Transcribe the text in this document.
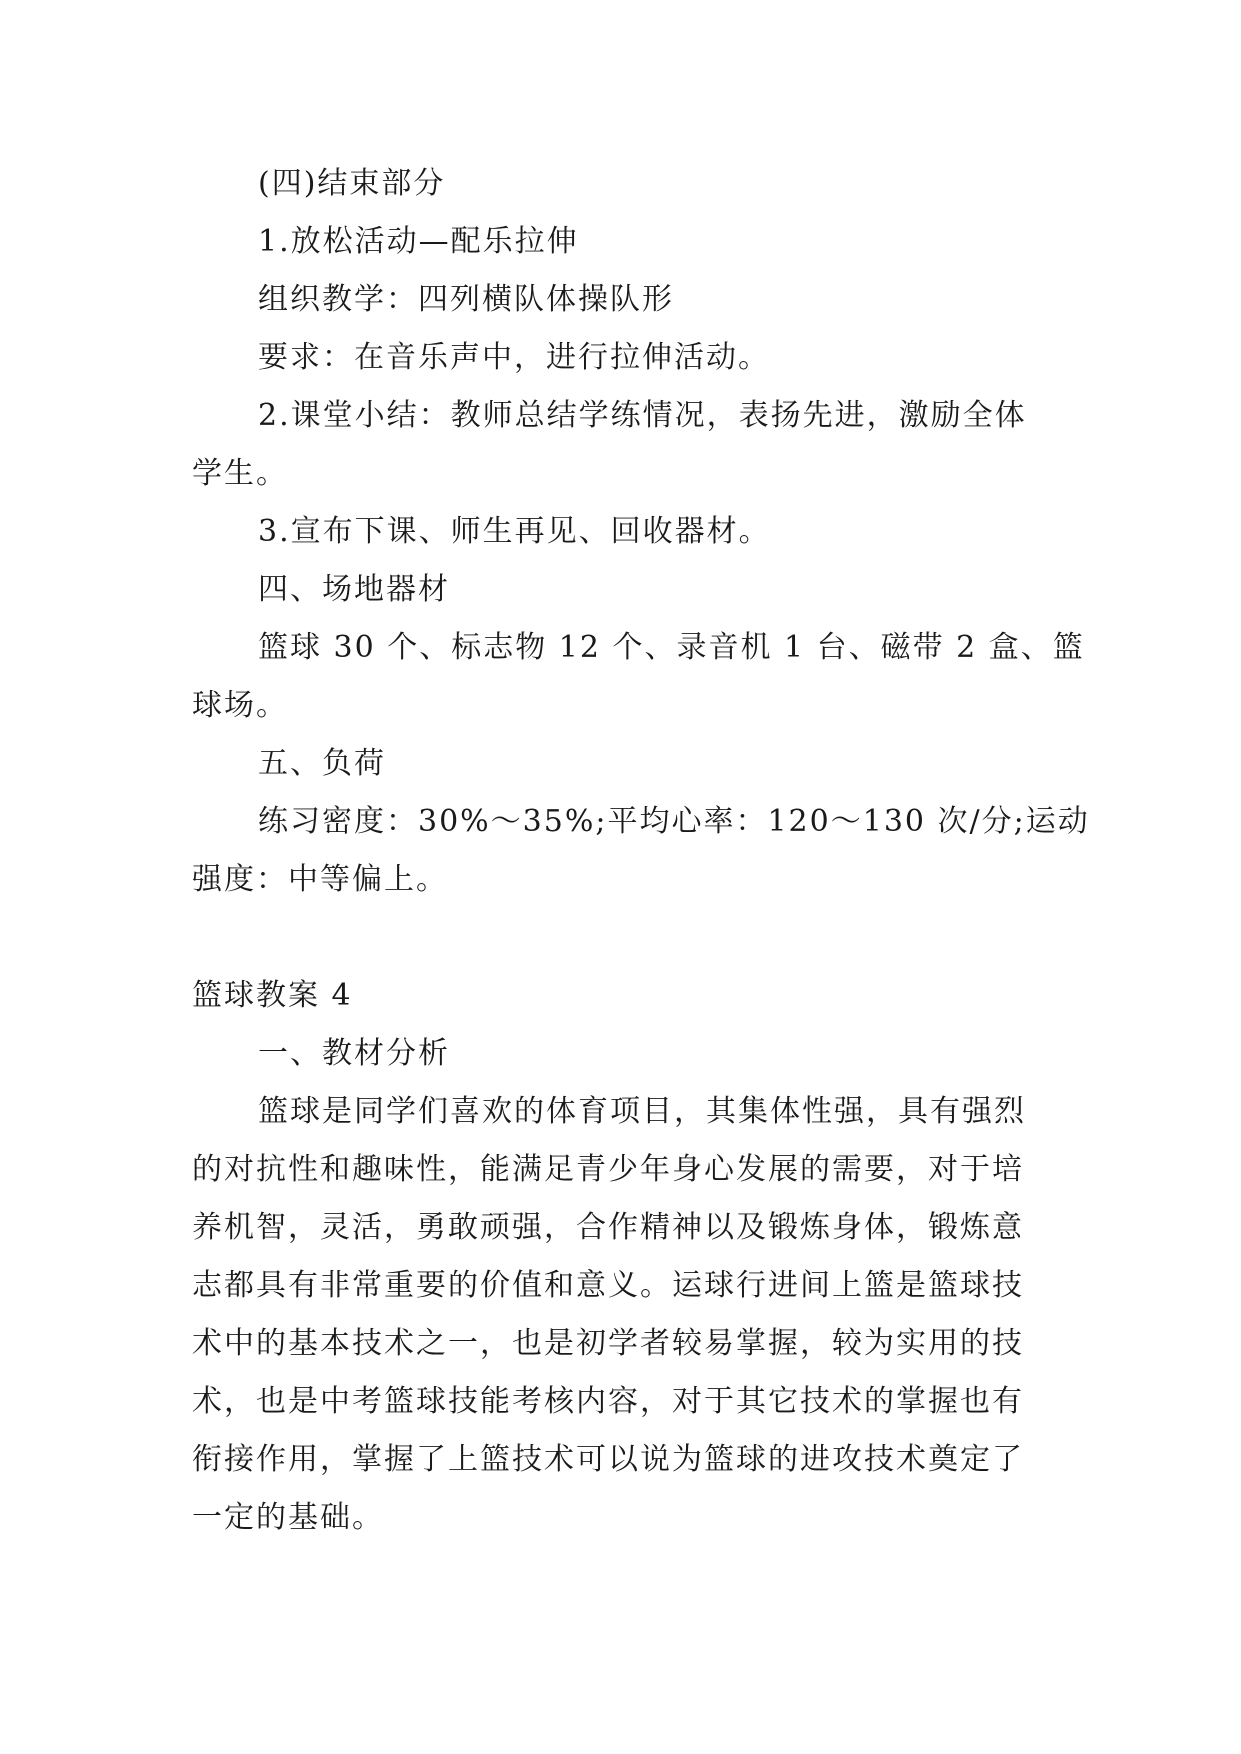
(四)结束部分
1.放松活动—配乐拉伸
组织教学：四列横队体操队形
要求：在音乐声中，进行拉伸活动。
2.课堂小结：教师总结学练情况，表扬先进，激励全体
学生。
3.宣布下课、师生再见、回收器材。
四、场地器材
篮球 30 个、标志物 12 个、录音机 1 台、磁带 2 盒、篮
球场。
五、负荷
练习密度：30%～35%;平均心率：120～130 次/分;运动
强度：中等偏上。
篮球教案 4
一、教材分析
篮球是同学们喜欢的体育项目，其集体性强，具有强烈
的对抗性和趣味性，能满足青少年身心发展的需要，对于培
养机智，灵活，勇敢顽强，合作精神以及锻炼身体，锻炼意
志都具有非常重要的价值和意义。运球行进间上篮是篮球技
术中的基本技术之一，也是初学者较易掌握，较为实用的技
术，也是中考篮球技能考核内容，对于其它技术的掌握也有
衔接作用，掌握了上篮技术可以说为篮球的进攻技术奠定了
一定的基础。
